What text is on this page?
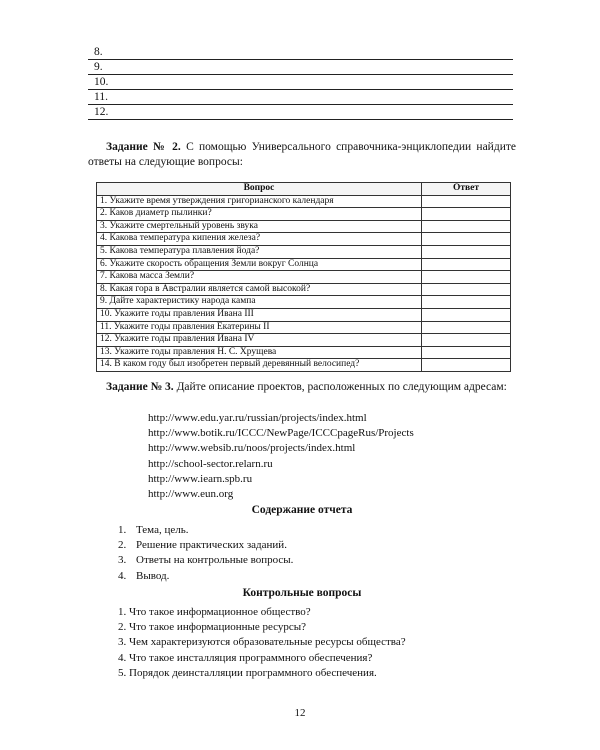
8.
9.
10.
11.
12.
Задание № 2. С помощью Универсального справочника-энциклопедии найдите ответы на следующие вопросы:
Вопрос	Ответ
1. Укажите время утверждения григорианского календаря	
2. Каков диаметр пылинки?	
3. Укажите смертельный уровень звука	
4. Какова температура кипения железа?	
5. Какова температура плавления йода?	
6. Укажите скорость обращения Земли вокруг Солнца	
7. Какова масса Земли?	
8. Какая гора в Австралии является самой высокой?	
9. Дайте характеристику народа кампа	
10. Укажите годы правления Ивана III	
11. Укажите годы правления Екатерины II	
12. Укажите годы правления Ивана IV	
13. Укажите годы правления Н. С. Хрущева	
14. В каком году был изобретен первый деревянный велосипед?	
Задание № 3. Дайте описание проектов, расположенных по следующим адресам:
http://www.edu.yar.ru/russian/projects/index.html
http://www.botik.ru/ICCC/NewPage/ICCCpageRus/Projects
http://www.websib.ru/noos/projects/index.html
http://school-sector.relarn.ru
http://www.iearn.spb.ru
http://www.eun.org
Содержание отчета
1. Тема, цель.
2. Решение практических заданий.
3. Ответы на контрольные вопросы.
4. Вывод.
Контрольные вопросы
1. Что такое информационное общество?
2. Что такое информационные ресурсы?
3. Чем характеризуются образовательные ресурсы общества?
4. Что такое инсталляция программного обеспечения?
5. Порядок деинсталляции программного обеспечения.
12
